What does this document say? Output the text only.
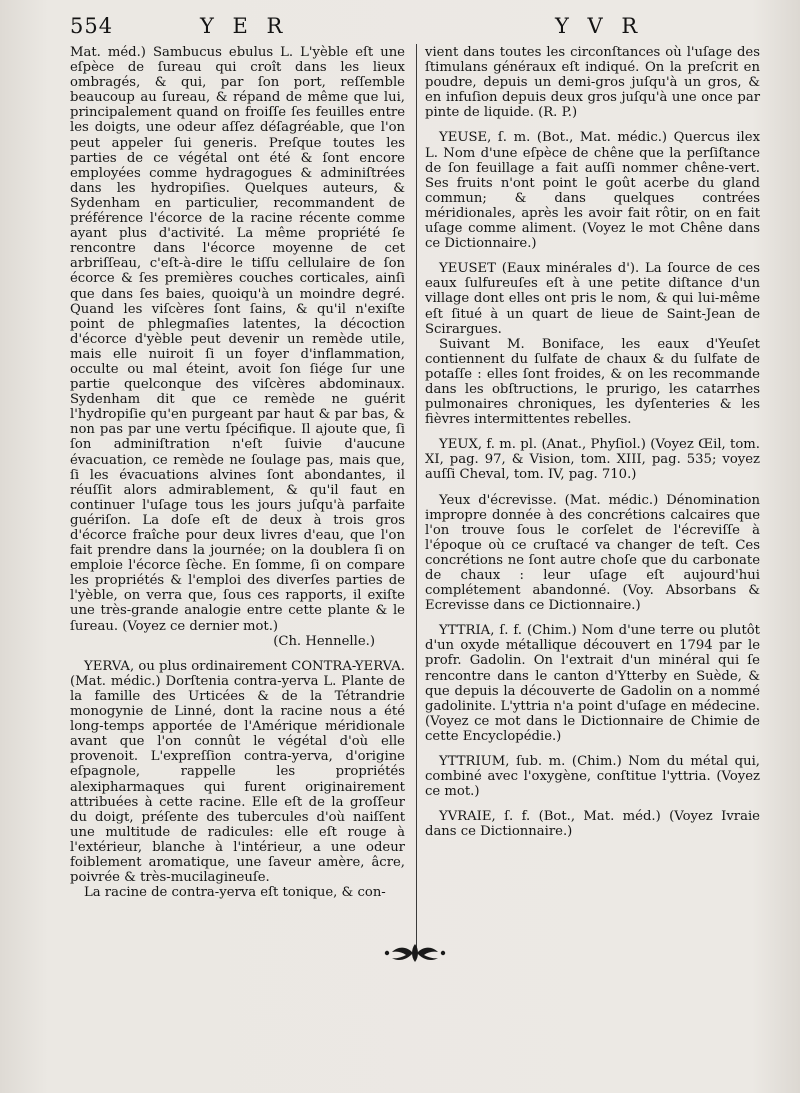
554	Y E R	Y V R

Mat. méd.) Sambucus ebulus L. L'yèble eſt une eſpèce de ſureau qui croît dans les lieux ombragés, & qui, par ſon port, reſſemble beaucoup au ſureau, & répand de même que lui, principalement quand on froiſſe ſes feuilles entre les doigts, une odeur aſſez déſagréable, que l'on peut appeler ſui generis. Preſque toutes les parties de ce végétal ont été & ſont encore employées comme hydragogues & adminiſtrées dans les hydropiſies. Quelques auteurs, & Sydenham en particulier, recommandent de préférence l'écorce de la racine récente comme ayant plus d'activité. La même propriété ſe rencontre dans l'écorce moyenne de cet arbriſſeau, c'eſt-à-dire le tiſſu cellulaire de ſon écorce & ſes premières couches corticales, ainſi que dans ſes baies, quoiqu'à un moindre degré. Quand les viſcères ſont ſains, & qu'il n'exiſte point de phlegmaſies latentes, la décoction d'écorce d'yèble peut devenir un remède utile, mais elle nuiroit ſi un foyer d'inflammation, occulte ou mal éteint, avoit ſon ſiége ſur une partie quelconque des viſcères abdominaux. Sydenham dit que ce remède ne guérit l'hydropiſie qu'en purgeant par haut & par bas, & non pas par une vertu ſpécifique. Il ajoute que, ſi ſon adminiſtration n'eſt ſuivie d'aucune évacuation, ce remède ne ſoulage pas, mais que, ſi les évacuations alvines ſont abondantes, il réuſſit alors admirablement, & qu'il faut en continuer l'uſage tous les jours juſqu'à parfaite guériſon. La doſe eſt de deux à trois gros d'écorce fraîche pour deux livres d'eau, que l'on fait prendre dans la journée; on la doublera ſi on emploie l'écorce ſèche. En ſomme, ſi on compare les propriétés & l'emploi des diverſes parties de l'yèble, on verra que, ſous ces rapports, il exiſte une très-grande analogie entre cette plante & le ſureau. (Voyez ce dernier mot.)

(Ch. Hennelle.)

YERVA, ou plus ordinairement CONTRA-YERVA. (Mat. médic.) Dorſtenia contra-yerva L. Plante de la famille des Urticées & de la Tétrandrie monogynie de Linné, dont la racine nous a été long-temps apportée de l'Amérique méridionale avant que l'on connût le végétal d'où elle provenoit. L'expreſſion contra-yerva, d'origine eſpagnole, rappelle les propriétés alexipharmaques qui furent originairement attribuées à cette racine. Elle eſt de la groſſeur du doigt, préſente des tubercules d'où naiſſent une multitude de radicules: elle eſt rouge à l'extérieur, blanche à l'intérieur, a une odeur foiblement aromatique, une ſaveur amère, âcre, poivrée & très-mucilagineuſe.

La racine de contra-yerva eſt tonique, & con-

vient dans toutes les circonſtances où l'uſage des ſtimulans généraux eſt indiqué. On la preſcrit en poudre, depuis un demi-gros juſqu'à un gros, & en infuſion depuis deux gros juſqu'à une once par pinte de liquide. (R. P.)

YEUSE, ſ. m. (Bot., Mat. médic.) Quercus ilex L. Nom d'une eſpèce de chêne que la perſiſtance de ſon feuillage a fait auſſi nommer chêne-vert. Ses fruits n'ont point le goût acerbe du gland commun; & dans quelques contrées méridionales, après les avoir fait rôtir, on en fait uſage comme aliment. (Voyez le mot Chêne dans ce Dictionnaire.)

YEUSET (Eaux minérales d'). La ſource de ces eaux ſulfureuſes eſt à une petite diſtance d'un village dont elles ont pris le nom, & qui lui-même eſt ſitué à un quart de lieue de Saint-Jean de Scirargues.

Suivant M. Boniface, les eaux d'Yeuſet contiennent du ſulfate de chaux & du ſulfate de potaſſe : elles ſont froides, & on les recommande dans les obſtructions, le prurigo, les catarrhes pulmonaires chroniques, les dyſenteries & les fièvres intermittentes rebelles.

YEUX, f. m. pl. (Anat., Phyſiol.) (Voyez Œil, tom. XI, pag. 97, & Vision, tom. XIII, pag. 535; voyez auſſi Cheval, tom. IV, pag. 710.)

Yeux d'écrevisse. (Mat. médic.) Dénomination impropre donnée à des concrétions calcaires que l'on trouve ſous le corſelet de l'écreviſſe à l'époque où ce cruſtacé va changer de teſt. Ces concrétions ne ſont autre choſe que du carbonate de chaux : leur uſage eſt aujourd'hui complétement abandonné. (Voy. Absorbans & Ecrevisse dans ce Dictionnaire.)

YTTRIA, ſ. f. (Chim.) Nom d'une terre ou plutôt d'un oxyde métallique découvert en 1794 par le profr. Gadolin. On l'extrait d'un minéral qui ſe rencontre dans le canton d'Ytterby en Suède, & que depuis la découverte de Gadolin on a nommé gadolinite. L'yttria n'a point d'uſage en médecine. (Voyez ce mot dans le Dictionnaire de Chimie de cette Encyclopédie.)

YTTRIUM, ſub. m. (Chim.) Nom du métal qui, combiné avec l'oxygène, conſtitue l'yttria. (Voyez ce mot.)

YVRAIE, ſ. f. (Bot., Mat. méd.) (Voyez Ivraie dans ce Dictionnaire.)
